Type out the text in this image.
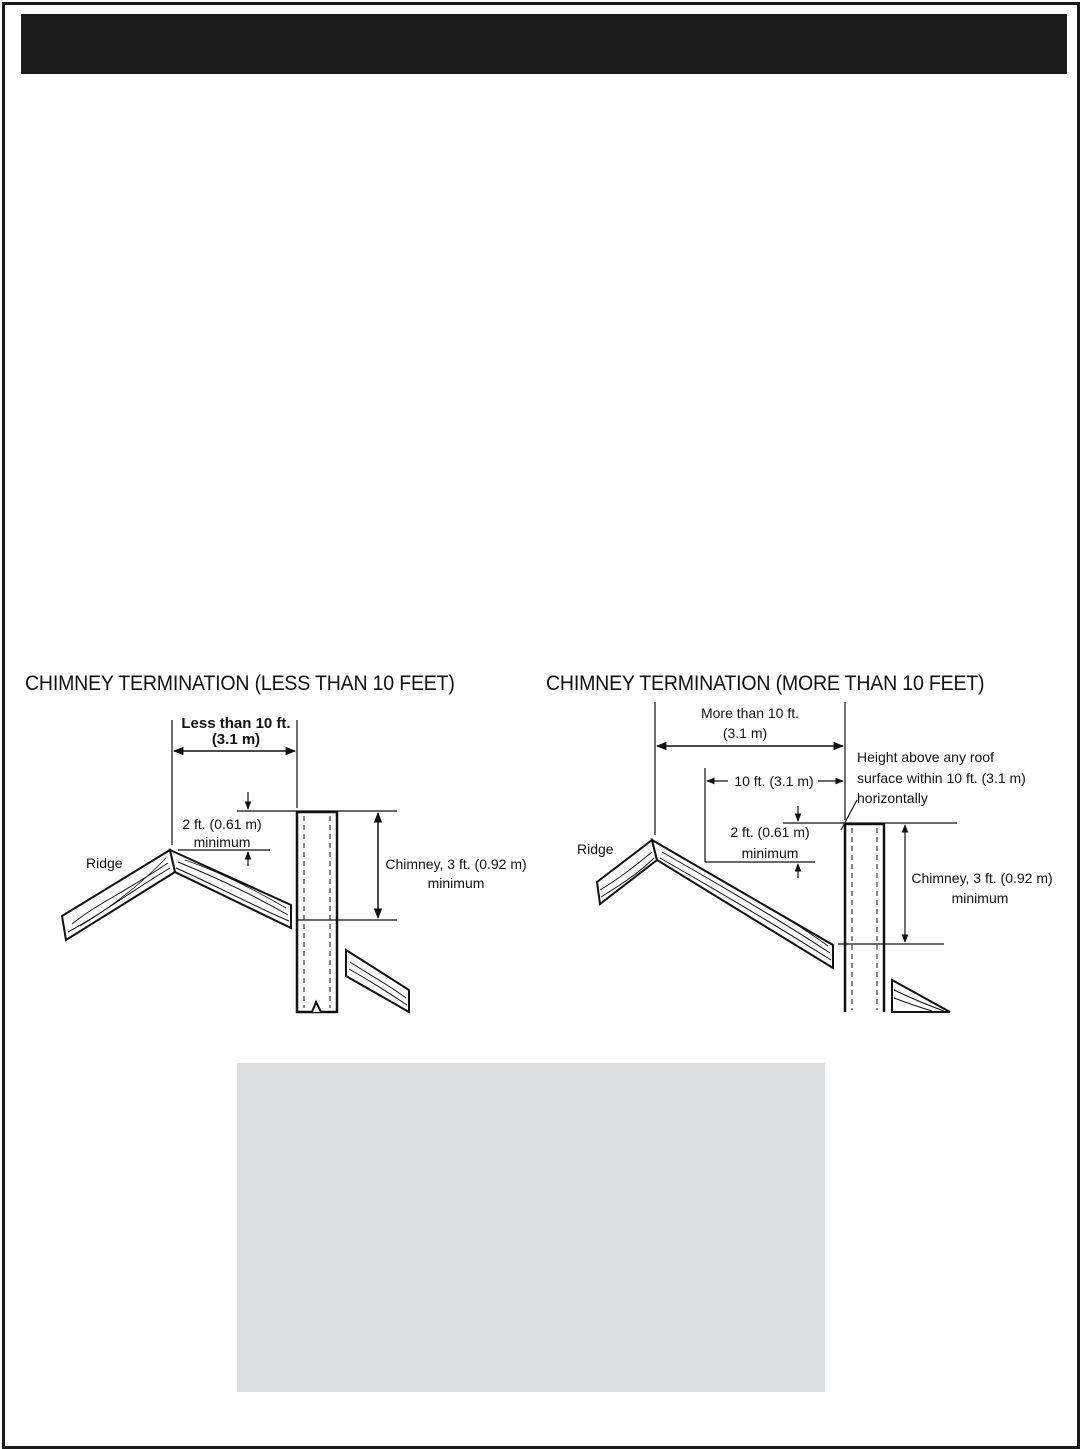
CHIMNEY TERMINATION (LESS THAN 10 FEET)	CHIMNEY TERMINATION (MORE THAN 10 FEET)
Less than 10 ft.
(3.1 m)
2 ft. (0.61 m)
minimum
Ridge	Chimney, 3 ft. (0.92 m)
minimum
More than 10 ft.
(3.1 m)
10 ft. (3.1 m)
Height above any roof
surface within 10 ft. (3.1 m)
horizontally
2 ft. (0.61 m)
minimum
Ridge
Chimney, 3 ft. (0.92 m)
minimum
